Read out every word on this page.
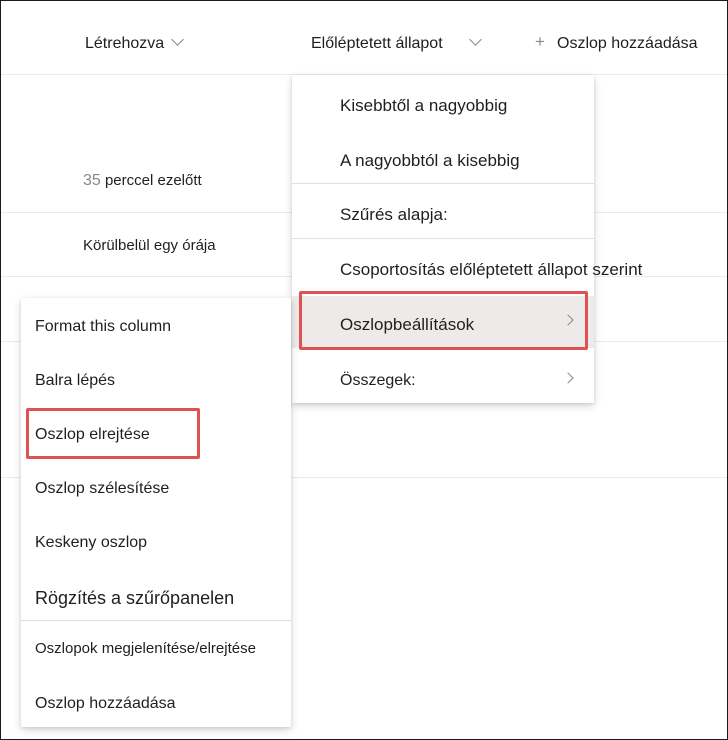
Létrehozva	Előléptetett állapot	+ Oszlop hozzáadása
35 perccel ezelőtt
Körülbelül egy órája
Kisebbtől a nagyobbig
A nagyobbtól a kisebbig
Szűrés alapja:
Csoportosítás előléptetett állapot szerint
Oszlopbeállítások
Összegek:
Format this column
Balra lépés
Oszlop elrejtése
Oszlop szélesítése
Keskeny oszlop
Rögzítés a szűrőpanelen
Oszlopok megjelenítése/elrejtése
Oszlop hozzáadása
